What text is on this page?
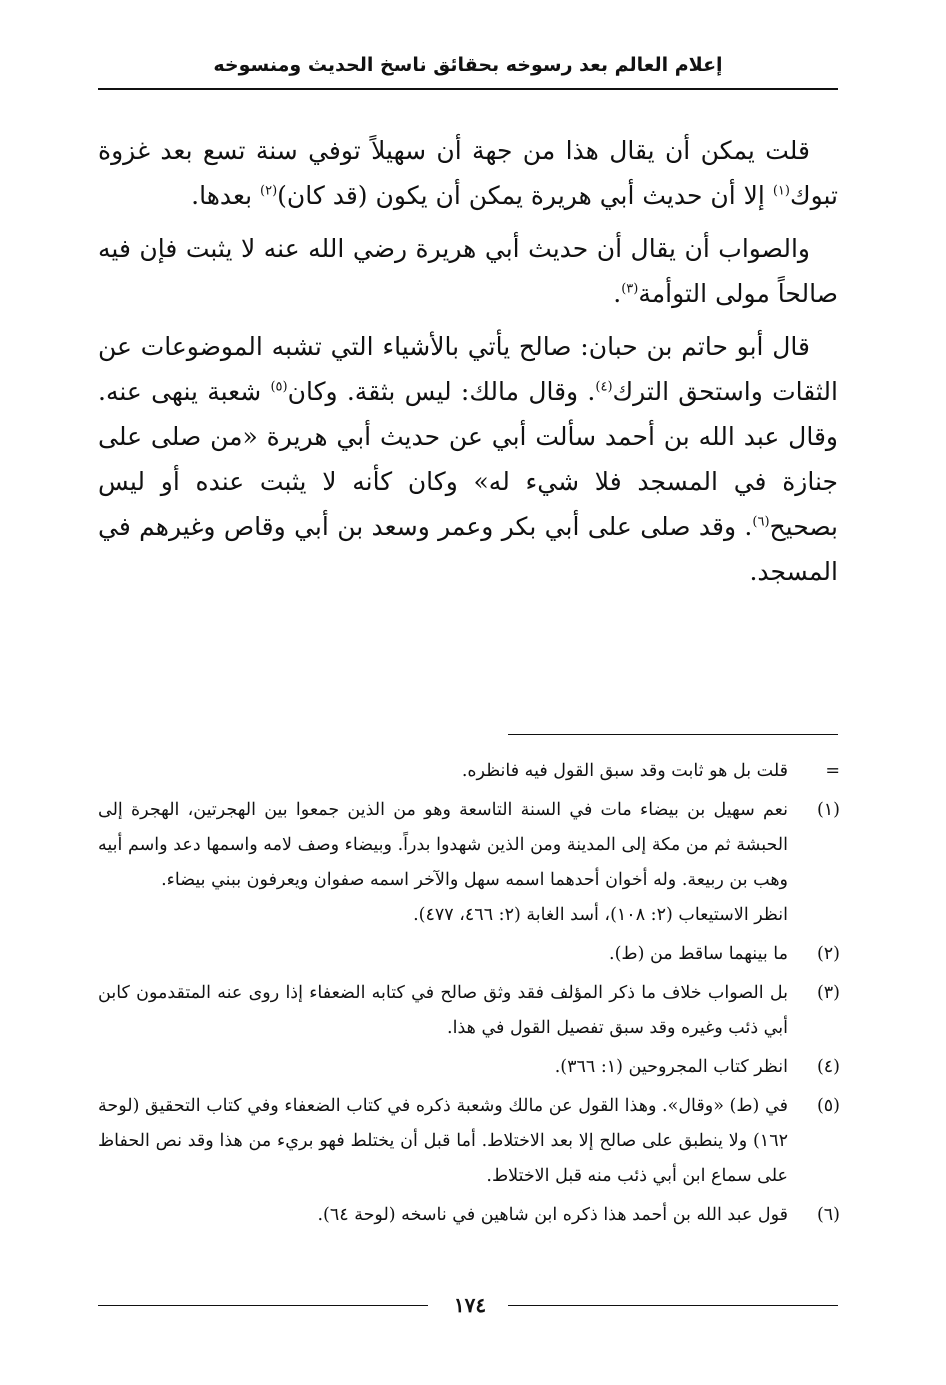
إعلام العالم بعد رسوخه بحقائق ناسخ الحديث ومنسوخه

قلت يمكن أن يقال هذا من جهة أن سهيلاً توفي سنة تسع بعد غزوة تبوك$^{(١)}$ إلا أن حديث أبي هريرة يمكن أن يكون (قد كان)$^{(٢)}$ بعدها.

والصواب أن يقال أن حديث أبي هريرة رضي الله عنه لا يثبت فإن فيه صالحاً مولى التوأمة$^{(٣)}$.

قال أبو حاتم بن حبان: صالح يأتي بالأشياء التي تشبه الموضوعات عن الثقات واستحق الترك$^{(٤)}$. وقال مالك: ليس بثقة. وكان$^{(٥)}$ شعبة ينهى عنه. وقال عبد الله بن أحمد سألت أبي عن حديث أبي هريرة «من صلى على جنازة في المسجد فلا شيء له» وكان كأنه لا يثبت عنده أو ليس بصحيح$^{(٦)}$. وقد صلى على أبي بكر وعمر وسعد بن أبي وقاص وغيرهم في المسجد.

=
قلت بل هو ثابت وقد سبق القول فيه فانظره.
(١)
نعم سهيل بن بيضاء مات في السنة التاسعة وهو من الذين جمعوا بين الهجرتين، الهجرة إلى الحبشة ثم من مكة إلى المدينة ومن الذين شهدوا بدراً. وبيضاء وصف لامه واسمها دعد واسم أبيه وهب بن ربيعة. وله أخوان أحدهما اسمه سهل والآخر اسمه صفوان ويعرفون ببني بيضاء.
انظر الاستيعاب (٢: ١٠٨)، أسد الغابة (٢: ٤٦٦، ٤٧٧).
(٢)
ما بينهما ساقط من (ط).
(٣)
بل الصواب خلاف ما ذكر المؤلف فقد وثق صالح في كتابه الضعفاء إذا روى عنه المتقدمون كابن أبي ذئب وغيره وقد سبق تفصيل القول في هذا.
(٤)
انظر كتاب المجروحين (١: ٣٦٦).
(٥)
في (ط) «وقال». وهذا القول عن مالك وشعبة ذكره في كتاب الضعفاء وفي كتاب التحقيق (لوحة ١٦٢) ولا ينطبق على صالح إلا بعد الاختلاط. أما قبل أن يختلط فهو بريء من هذا وقد نص الحفاظ على سماع ابن أبي ذئب منه قبل الاختلاط.
(٦)
قول عبد الله بن أحمد هذا ذكره ابن شاهين في ناسخه (لوحة ٦٤).
١٧٤
